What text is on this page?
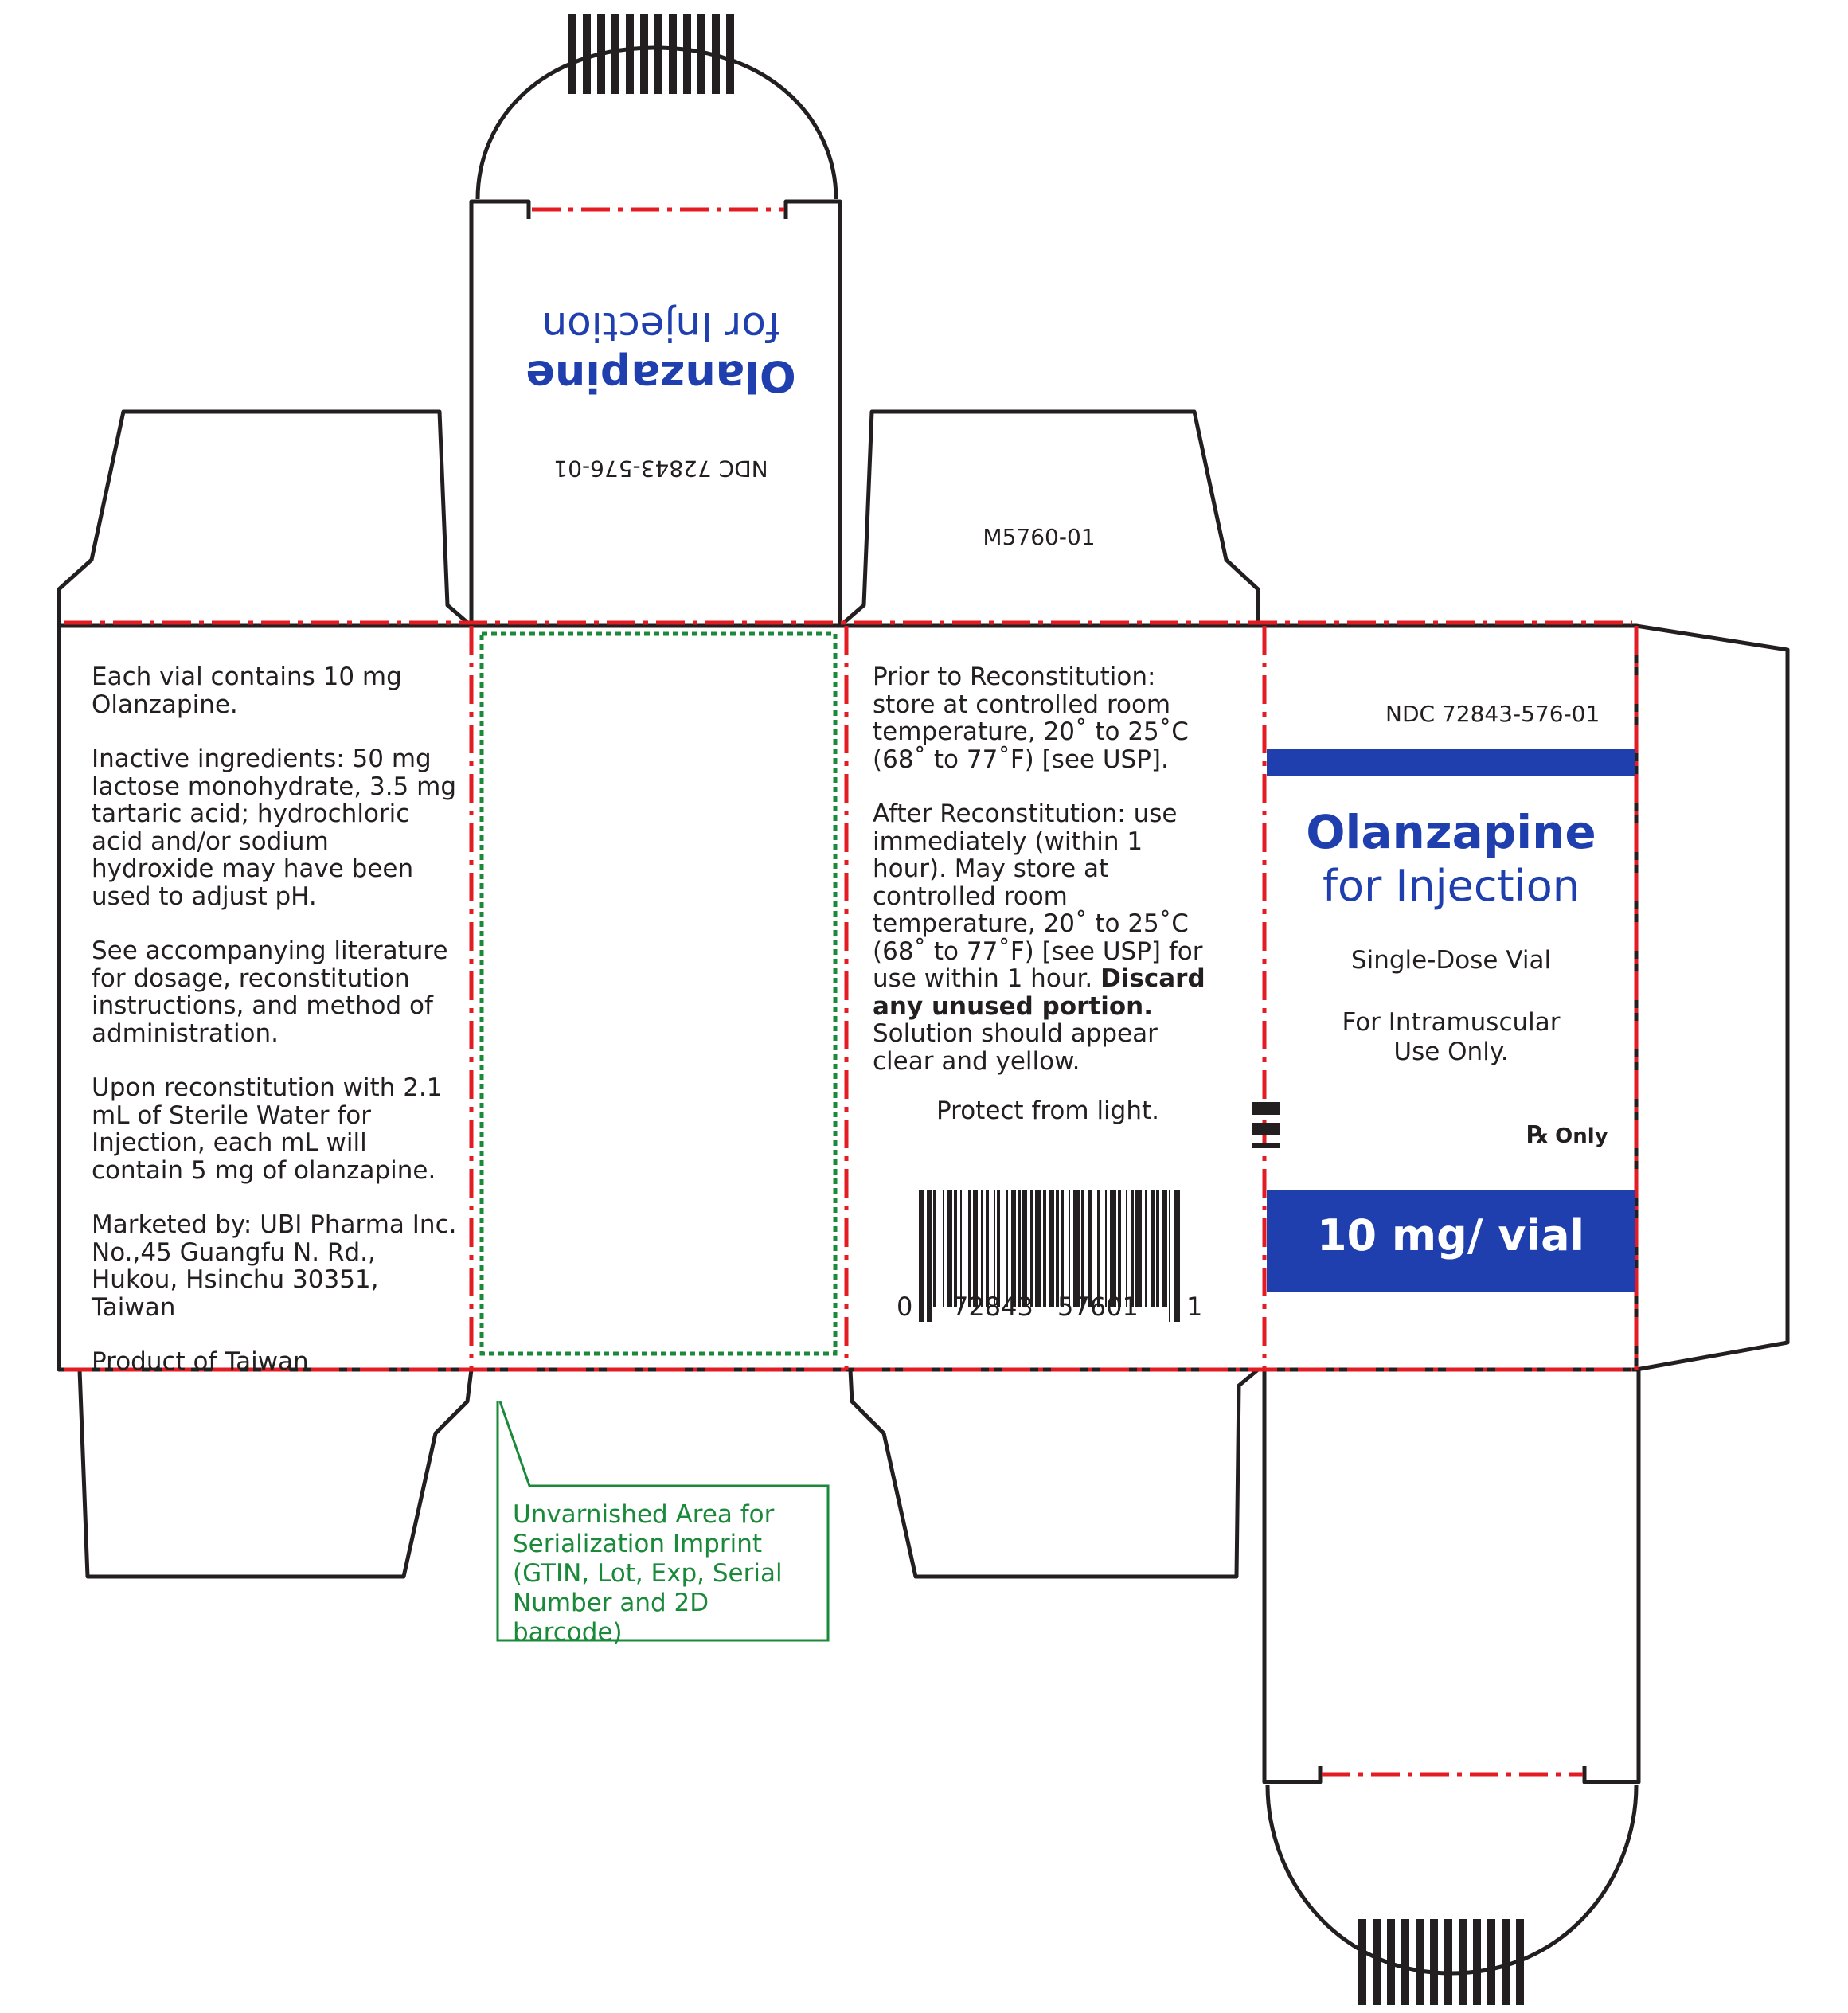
Olanzapine
for Injection
NDC 72843-576-01
M5760-01

Each vial contains 10 mg Olanzapine.

Inactive ingredients: 50 mg lactose monohydrate, 3.5 mg tartaric acid; hydrochloric acid and/or sodium hydroxide may have been used to adjust pH.

See accompanying literature for dosage, reconstitution instructions, and method of administration.

Upon reconstitution with 2.1 mL of Sterile Water for Injection, each mL will contain 5 mg of olanzapine.

Marketed by: UBI Pharma Inc. No.,45 Guangfu N. Rd., Hukou, Hsinchu 30351, Taiwan

Product of Taiwan

Prior to Reconstitution: store at controlled room temperature, 20˚ to 25˚C (68˚ to 77˚F) [see USP].

After Reconstitution: use immediately (within 1 hour). May store at controlled room temperature, 20˚ to 25˚C (68˚ to 77˚F) [see USP] for use within 1 hour. Discard any unused portion. Solution should appear clear and yellow.

Protect from light.
0 72843 57601 1
NDC 72843-576-01
Olanzapine
for Injection
Single-Dose Vial
For Intramuscular Use Only.
℞ Only
10 mg/ vial
Unvarnished Area for Serialization Imprint (GTIN, Lot, Exp, Serial Number and 2D barcode)
